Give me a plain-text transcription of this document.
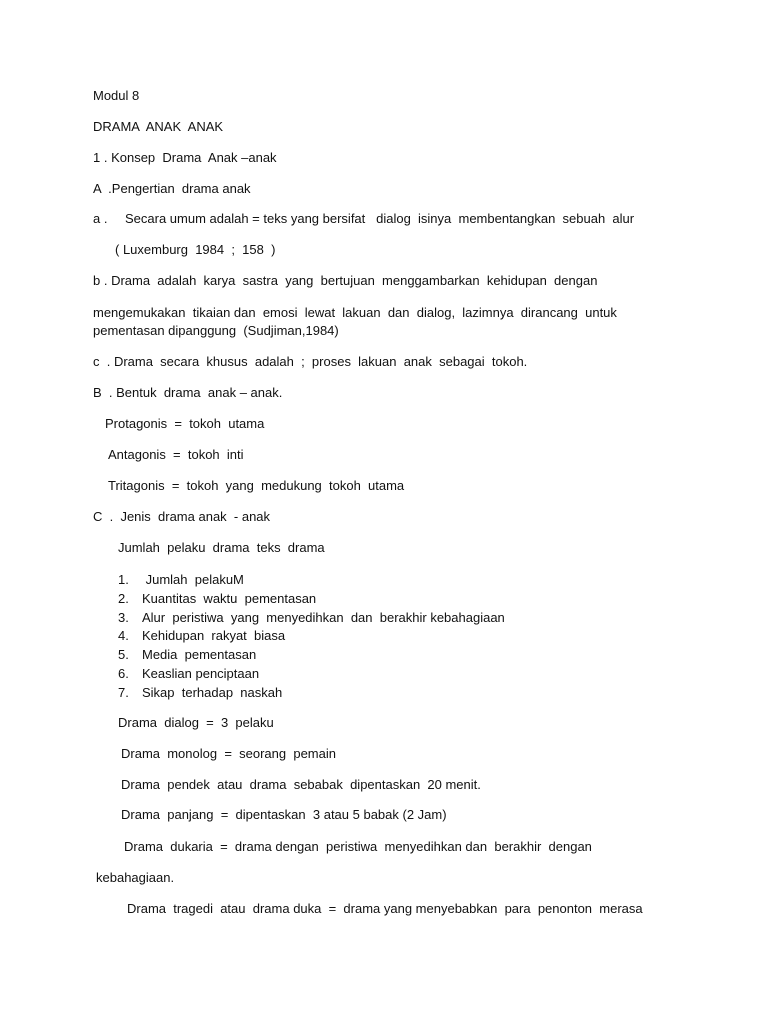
Modul 8
DRAMA  ANAK  ANAK
1 . Konsep  Drama  Anak –anak
A  .Pengertian  drama anak
a . Secara umum adalah = teks yang bersifat   dialog  isinya  membentangkan  sebuah  alur
( Luxemburg  1984  ;  158  )
b . Drama  adalah  karya  sastra  yang  bertujuan  menggambarkan  kehidupan  dengan
mengemukakan  tikaian dan  emosi  lewat  lakuan  dan  dialog,  lazimnya  dirancang  untuk
pementasan dipanggung  (Sudjiman,1984)
c  . Drama  secara  khusus  adalah  ;  proses  lakuan  anak  sebagai  tokoh.
B  . Bentuk  drama  anak – anak.
Protagonis  =  tokoh  utama
Antagonis  =  tokoh  inti
Tritagonis  =  tokoh  yang  medukung  tokoh  utama
C  .  Jenis  drama anak  - anak
Jumlah  pelaku  drama  teks  drama
1. Jumlah  pelakuM
2. Kuantitas  waktu  pementasan
3. Alur  peristiwa  yang  menyedihkan  dan  berakhir kebahagiaan
4. Kehidupan  rakyat  biasa
5. Media  pementasan
6. Keaslian penciptaan
7. Sikap  terhadap  naskah
Drama  dialog  =  3  pelaku
Drama  monolog  =  seorang  pemain
Drama  pendek  atau  drama  sebabak  dipentaskan  20 menit.
Drama  panjang  =  dipentaskan  3 atau 5 babak (2 Jam)
Drama  dukaria  =  drama dengan  peristiwa  menyedihkan dan  berakhir  dengan
kebahagiaan.
Drama  tragedi  atau  drama duka  =  drama yang menyebabkan  para  penonton  merasa
